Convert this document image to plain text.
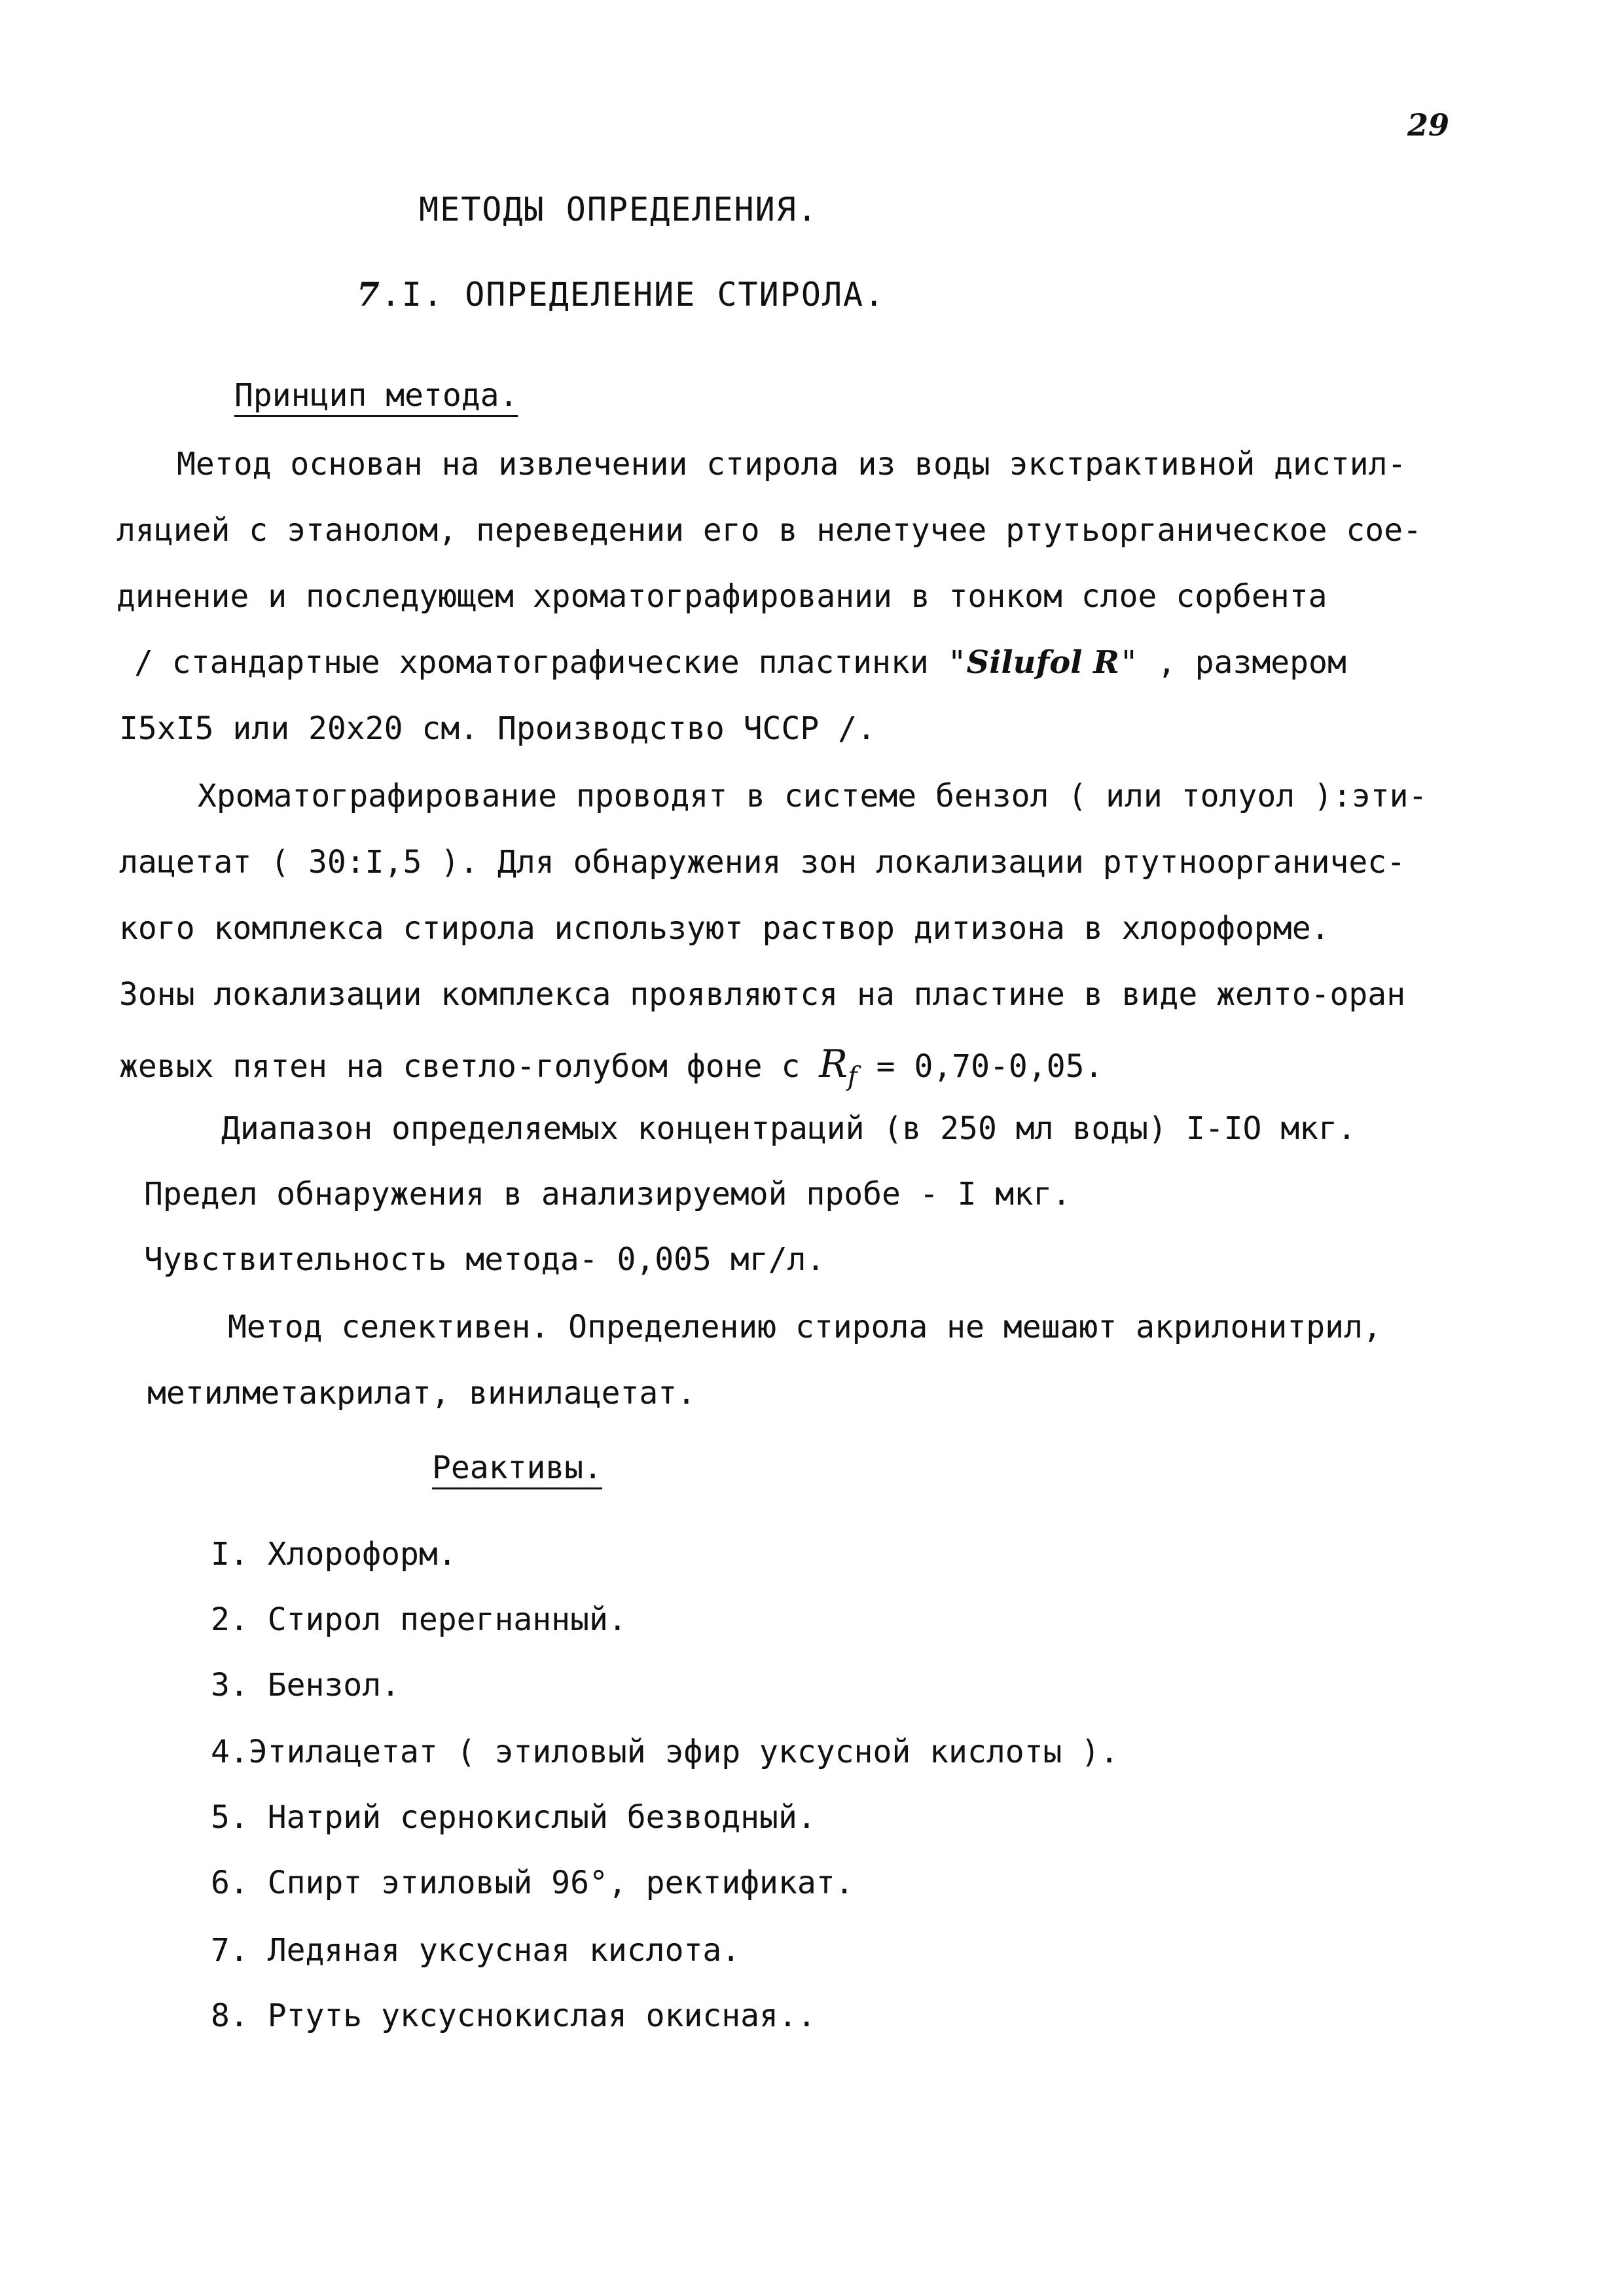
29
МЕТОДЫ ОПРЕДЕЛЕНИЯ.
7.I. ОПРЕДЕЛЕНИЕ СТИРОЛА.
Принцип метода.
Метод основан на извлечении стирола из воды экстрактивной дистил-
ляцией с этанолом, переведении его в нелетучее ртутьорганическое сое-
динение и последующем хроматографировании в тонком слое сорбента
/ стандартные хроматографические пластинки "Silufol R" , размером
I5xI5 или 20x20 см. Производство ЧССР /.
Хроматографирование проводят в системе бензол ( или толуол ):эти-
лацетат ( 30:I,5 ). Для обнаружения зон локализации ртутноорганичес-
кого комплекса стирола используют раствор дитизона в хлороформе.
Зоны локализации комплекса проявляются на пластине в виде желто-оран
жевых пятен на светло-голубом фоне с $R_f = 0,70-0,05$.
Диапазон определяемых концентраций (в 250 мл воды) I-IO мкг.
Предел обнаружения в анализируемой пробе - I мкг.
Чувствительность метода- 0,005 мг/л.
Метод селективен. Определению стирола не мешают акрилонитрил,
метилметакрилат, винилацетат.
Реактивы.
I. Хлороформ.
2. Стирол перегнанный.
3. Бензол.
4.Этилацетат ( этиловый эфир уксусной кислоты ).
5. Натрий сернокислый безводный.
6. Спирт этиловый 96°, ректификат.
7. Ледяная уксусная кислота.
8. Ртуть уксуснокислая окисная..
